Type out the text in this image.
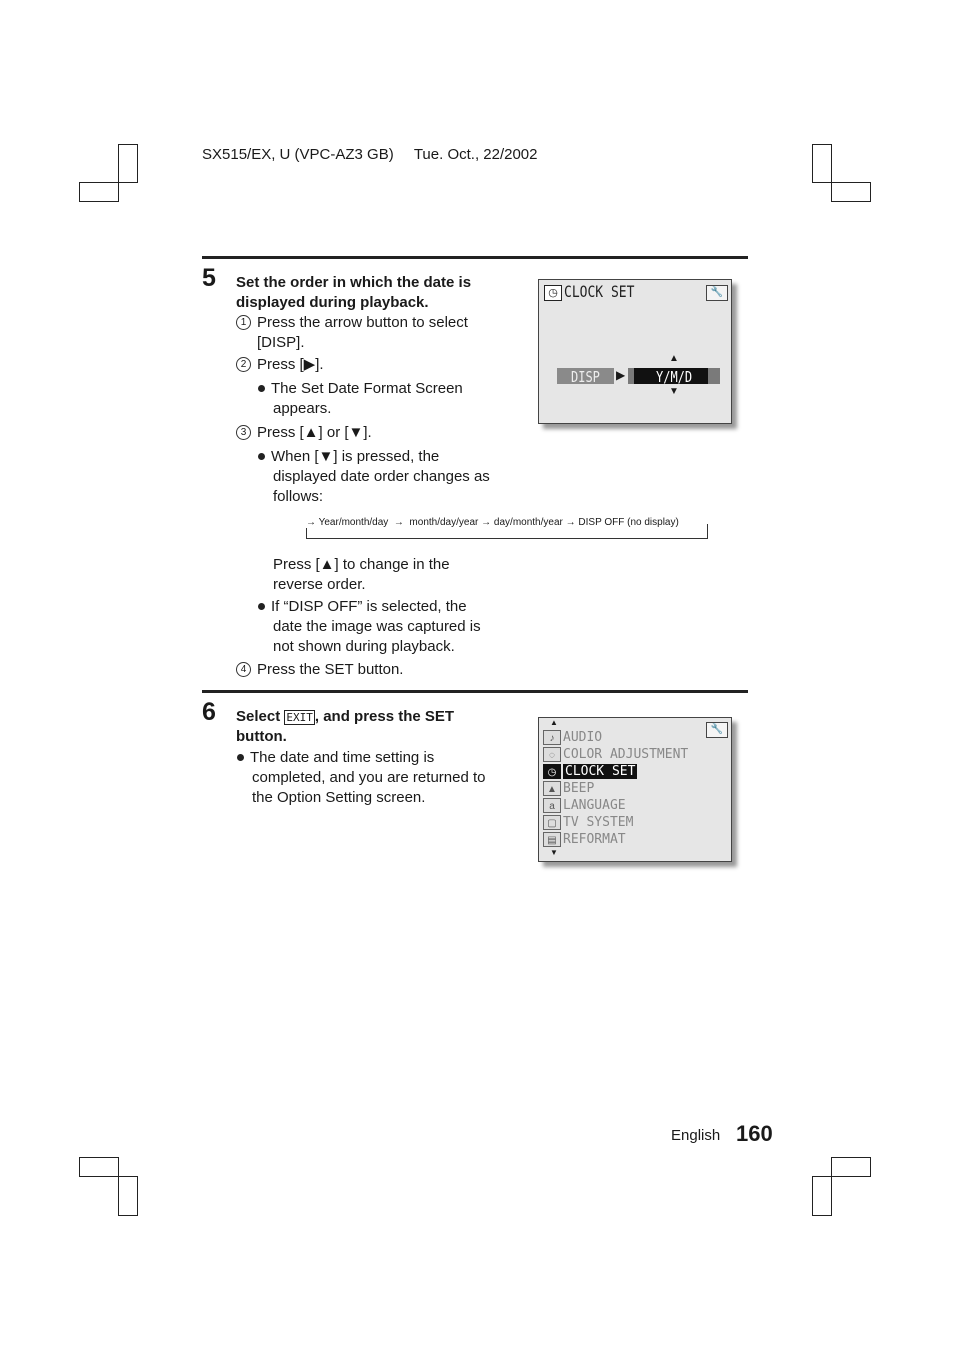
SX515/EX, U (VPC-AZ3 GB) Tue. Oct., 22/2002
5 Set the order in which the date is
displayed during playback.
1 Press the arrow button to select
[DISP].
2 Press [▶].
The Set Date Format Screen
appears.
3 Press [▲] or [▼].
When [▼] is pressed, the
displayed date order changes as
follows:
→ Year/month/day → month/day/year → day/month/year → DISP OFF (no display)
Press [▲] to change in the
reverse order.
If “DISP OFF” is selected, the
date the image was captured is
not shown during playback.
4 Press the SET button.
◷ CLOCK SET	🔧
DISP	▶
▲
Y/M/D
▼
6 Select EXIT , and press the SET
button.
The date and time setting is
completed, and you are returned to
the Option Setting screen.
🔧
▲
♪ AUDIO
◌ COLOR ADJUSTMENT
◷ CLOCK SET
▲ BEEP
a LANGUAGE
▢ TV SYSTEM
▤ REFORMAT
▼
English 160
